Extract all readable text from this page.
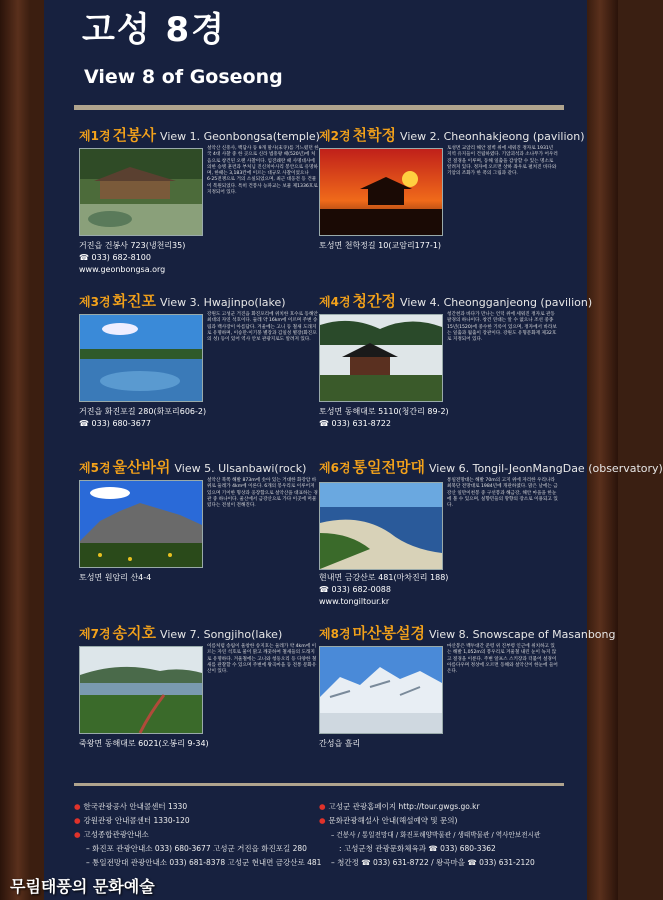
고성 8경
View 8 of Goseong
제1경 건봉사 View 1. Geonbongsa(temple)
설악산 신흥사, 백담사 등 9개 말사(末寺)를 거느렸던 한국 4대 사찰 중 한 곳으로 신라 법흥왕 때(520년)에 처음으로 창건된 오랜 사찰이다. 임진왜란 때 사명대사에 의한 승병 훈련과 부처님 진신치아사리 봉안으로 유명하며, 한때는 3,183칸에 이르는 대규모 사찰이었으나 6·25전쟁으로 거의 소실되었으며, 최근 대웅전 등 건물이 복원되었다. 특히 건봉사 능파교는 보물 제1336호로 지정되어 있다.
거진읍 건봉사 723(냉천리35)
☎ 033) 682-8100
www.geonbongsa.org
제2경 천학정 View 2. Cheonhakjeong (pavilion)
토성면 교암리 해안 절벽 위에 세워진 정자로 1931년 지역 유지들이 건립하였다. 기암괴석과 소나무가 어우러진 절경을 이루며, 동해 일출을 감상할 수 있는 명소로 알려져 있다. 정자에 오르면 상하 좌우로 펼쳐진 바다와 기암의 조화가 한 폭의 그림과 같다.
토성면 천학정길 10(교암리177-1)
제3경 화진포 View 3. Hwajinpo(lake)
강원도 고성군 거진읍 화진포리에 위치한 호수로 동해안 최대의 자연 석호이다. 둘레 약 16km에 이르며 주변 송림과 백사장이 아름답다. 겨울에는 고니 등 철새 도래지로 유명하며, 이승만·이기붕 별장과 김일성 별장(화진포의 성) 등이 있어 역사 안보 관광지로도 알려져 있다.
거진읍 화진포길 280(화포리606-2)
☎ 033) 680-3677
제4경 청간정 View 4. Cheongganjeong (pavilion)
청간천과 바다가 만나는 언덕 위에 세워진 정자로 관동팔경의 하나이다. 창건 연대는 알 수 없으나 조선 중종 15년(1520)에 중수한 기록이 있으며, 정자에서 바라보는 일출과 월출이 장관이다. 강원도 유형문화재 제32호로 지정되어 있다.
토성면 동해대로 5110(청간리 89-2)
☎ 033) 631-8722
제5경 울산바위 View 5. Ulsanbawi(rock)
설악산 북쪽 해발 873m에 솟아 있는 거대한 화강암 바위로 둘레가 4km에 이른다. 6개의 봉우리로 이루어져 있으며 기이한 형상과 웅장함으로 설악산을 대표하는 경관 중 하나이다. 울산에서 금강산으로 가다 이곳에 머물렀다는 전설이 전해진다.
토성면 원암리 산4-4
제6경 통일전망대 View 6. Tongil-JeonMangDae (observatory)
통일전망대는 해발 70m의 고지 위에 자리한 우리나라 최북단 전망대로 1984년에 개관하였다. 맑은 날에는 금강산 일만이천봉 중 구선봉과 해금강, 해안 마을을 한눈에 볼 수 있으며, 실향민들의 망향의 장소로 이용되고 있다.
현내면 금강산로 481(마차진리 188)
☎ 033) 682-0088
www.tongiltour.kr
제7경 송지호 View 7. Songjiho(lake)
이름처럼 송림이 울창한 송지호는 둘레가 약 4km에 이르는 자연 석호로 물이 맑고 깨끗하여 철새들의 도래지로 유명하다. 겨울철에는 고니와 청둥오리 등 다양한 철새를 관찰할 수 있으며 주변에 왕곡마을 등 전통 문화유산이 있다.
죽왕면 동해대로 6021(오봉리 9-34)
제8경 마산봉설경 View 8. Snowscape of Masanbong
마산봉은 백두대간 준령 위 진부령 인근에 위치하고 있는 해발 1,052m의 봉우리로 겨울철 내린 눈이 녹지 않고 절경을 이룬다. 주변 알프스 스키장과 더불어 설경이 아름다우며 정상에 오르면 동해와 설악산이 한눈에 들어온다.
간성읍 흘리
● 한국관광공사 안내콜센터 1330
● 강원관광 안내콜센터 1330-120
● 고성종합관광안내소
– 화진포 관광안내소 033) 680-3677 고성군 거진읍 화진포길 280
– 통일전망대 관광안내소 033) 681-8378 고성군 현내면 금강산로 481
● 고성군 관광홈페이지 http://tour.gwgs.go.kr
● 문화관광해설사 안내(해설예약 및 문의)
– 건봉사 / 통일전망대 / 화진포해양박물관 / 생태박물관 / 역사안보전시관
: 고성군청 관광문화체육과 ☎ 033) 680-3362
– 청간정 ☎ 033) 631-8722 / 왕곡마을 ☎ 033) 631-2120
무림태풍의 문화예술
